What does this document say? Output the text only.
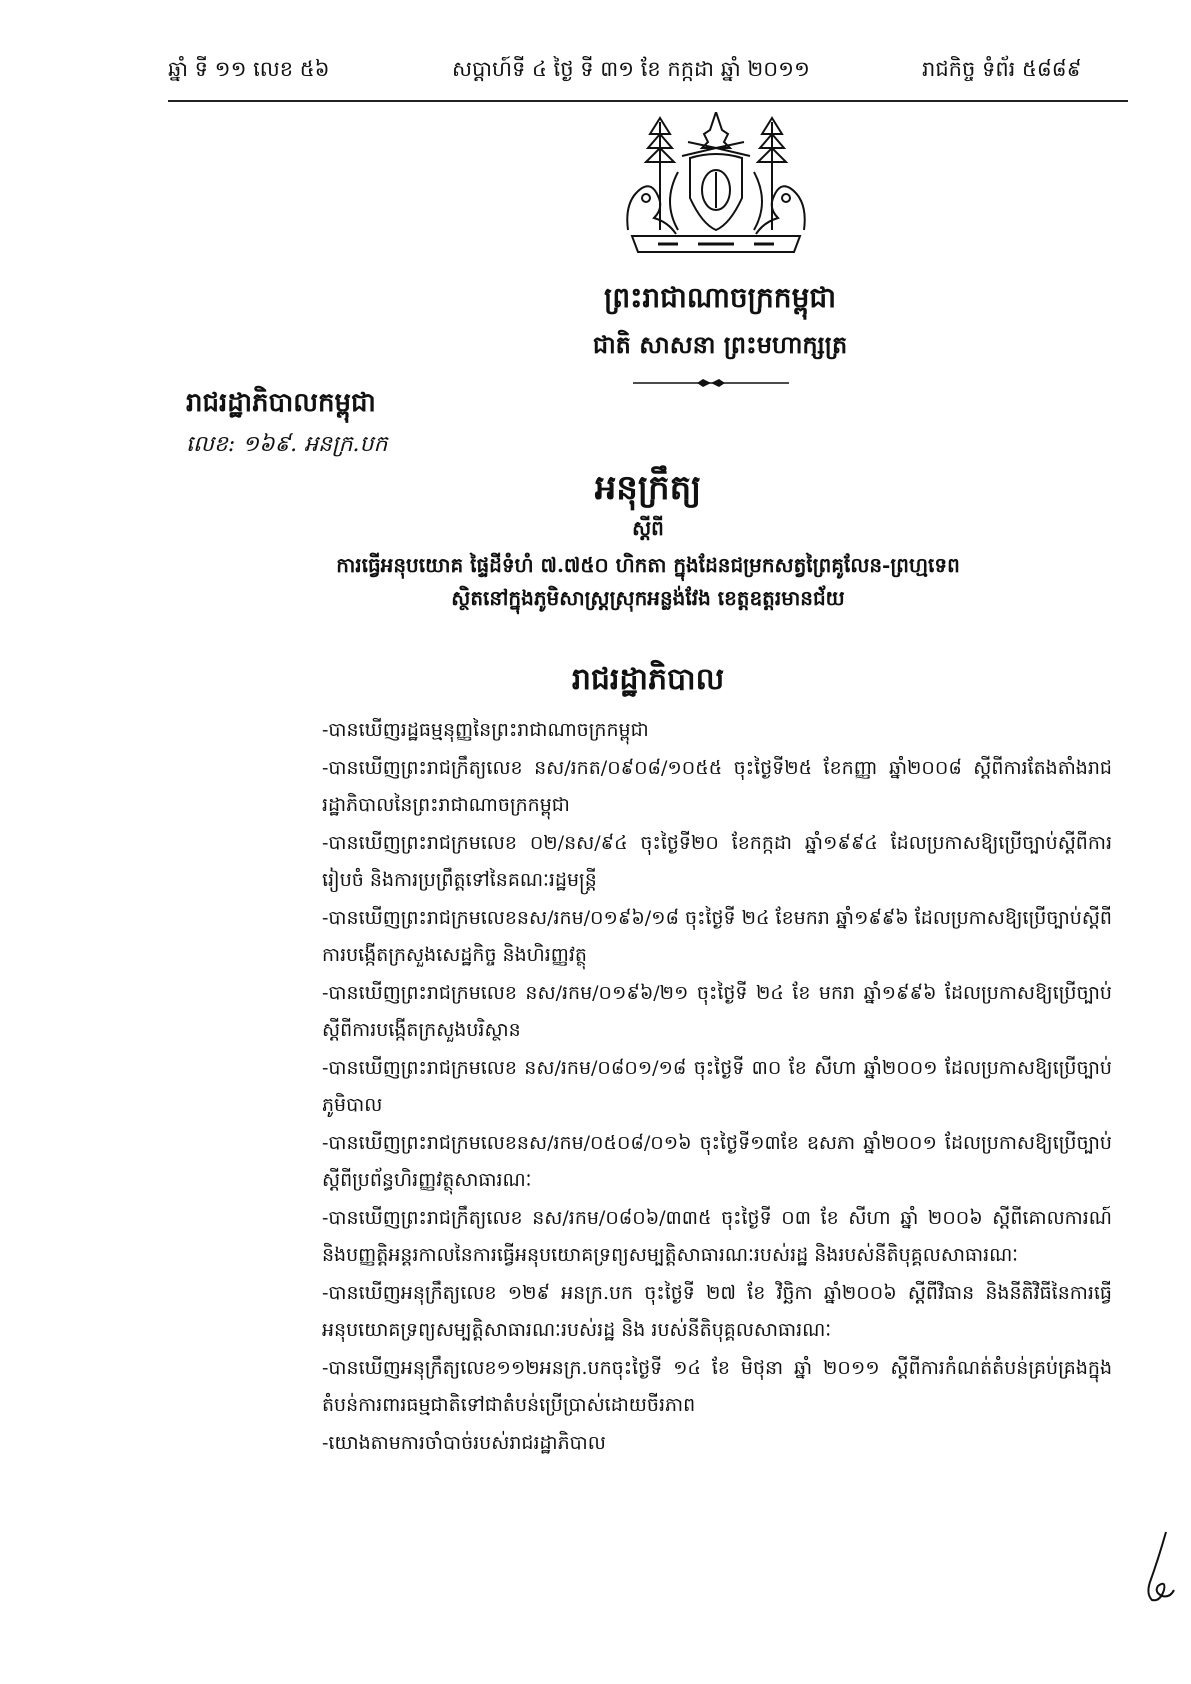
ឆ្នាំ ទី ១១ លេខ ៥៦	សប្តាហ៍ទី ៤ ថ្ងៃ ទី ៣១ ខែ កក្កដា ឆ្នាំ ២០១១	រាជកិច្ច ទំព័រ ៥៨៨៩
ព្រះរាជាណាចក្រកម្ពុជា
ជាតិ សាសនា ព្រះមហាក្សត្រ
រាជរដ្ឋាភិបាលកម្ពុជា
លេខ: ១៦៩. អនក្រ.បក
អនុក្រឹត្យ
ស្តីពី
ការធ្វើអនុបយោគ ផ្ទៃដីទំហំ ៧.៧៥០ ហិកតា ក្នុងដែនជម្រកសត្វព្រៃគូលែន-ព្រហ្មទេព
ស្ថិតនៅក្នុងភូមិសាស្ត្រស្រុកអន្លង់វែង ខេត្តឧត្តរមានជ័យ
រាជរដ្ឋាភិបាល

-បានឃើញរដ្ឋធម្មនុញ្ញនៃព្រះរាជាណាចក្រកម្ពុជា

-បានឃើញព្រះរាជក្រឹត្យលេខ នស/រកត/០៩០៨/១០៥៥ ចុះថ្ងៃទី២៥ ខែកញ្ញា ឆ្នាំ២០០៨ ស្តីពីការតែងតាំងរាជរដ្ឋាភិបាលនៃព្រះរាជាណាចក្រកម្ពុជា

-បានឃើញព្រះរាជក្រមលេខ ០២/នស/៩៤ ចុះថ្ងៃទី២០ ខែកក្កដា ឆ្នាំ១៩៩៤ ដែលប្រកាសឱ្យប្រើច្បាប់ស្តីពីការរៀបចំ និងការប្រព្រឹត្តទៅនៃគណៈរដ្ឋមន្ត្រី

-បានឃើញព្រះរាជក្រមលេខនស/រកម/០១៩៦/១៨ ចុះថ្ងៃទី ២៤ ខែមករា ឆ្នាំ១៩៩៦ ដែលប្រកាសឱ្យប្រើច្បាប់ស្តីពីការបង្កើតក្រសួងសេដ្ឋកិច្ច និងហិរញ្ញវត្ថុ

-បានឃើញព្រះរាជក្រមលេខ នស/រកម/០១៩៦/២១ ចុះថ្ងៃទី ២៤ ខែ មករា ឆ្នាំ១៩៩៦ ដែលប្រកាសឱ្យប្រើច្បាប់ ស្តីពីការបង្កើតក្រសួងបរិស្ថាន

-បានឃើញព្រះរាជក្រមលេខ នស/រកម/០៨០១/១៨ ចុះថ្ងៃទី ៣០ ខែ សីហា ឆ្នាំ២០០១ ដែលប្រកាសឱ្យប្រើច្បាប់ភូមិបាល

-បានឃើញព្រះរាជក្រមលេខនស/រកម/០៥០៨/០១៦ ចុះថ្ងៃទី១៣ខែ ឧសភា ឆ្នាំ២០០១ ដែលប្រកាសឱ្យប្រើច្បាប់ស្តីពីប្រព័ន្ធហិរញ្ញវត្ថុសាធារណៈ

-បានឃើញព្រះរាជក្រឹត្យលេខ នស/រកម/០៨០៦/៣៣៥ ចុះថ្ងៃទី ០៣ ខែ សីហា ឆ្នាំ ២០០៦ ស្តីពីគោលការណ៍ និងបញ្ញត្តិអន្តរកាលនៃការធ្វើអនុបយោគទ្រព្យសម្បត្តិសាធារណៈរបស់រដ្ឋ និងរបស់នីតិបុគ្គលសាធារណៈ

-បានឃើញអនុក្រឹត្យលេខ ១២៩ អនក្រ.បក ចុះថ្ងៃទី ២៧ ខែ វិច្ឆិកា ឆ្នាំ២០០៦ ស្តីពីវិធាន និងនីតិវិធីនៃការធ្វើអនុបយោគទ្រព្យសម្បត្តិសាធារណៈរបស់រដ្ឋ និង របស់នីតិបុគ្គលសាធារណៈ

-បានឃើញអនុក្រឹត្យលេខ១១២អនក្រ.បកចុះថ្ងៃទី ១៤ ខែ មិថុនា ឆ្នាំ ២០១១ ស្តីពីការកំណត់តំបន់គ្រប់គ្រងក្នុងតំបន់ការពារធម្មជាតិទៅជាតំបន់ប្រើប្រាស់ដោយចីរភាព

-យោងតាមការចាំបាច់របស់រាជរដ្ឋាភិបាល
